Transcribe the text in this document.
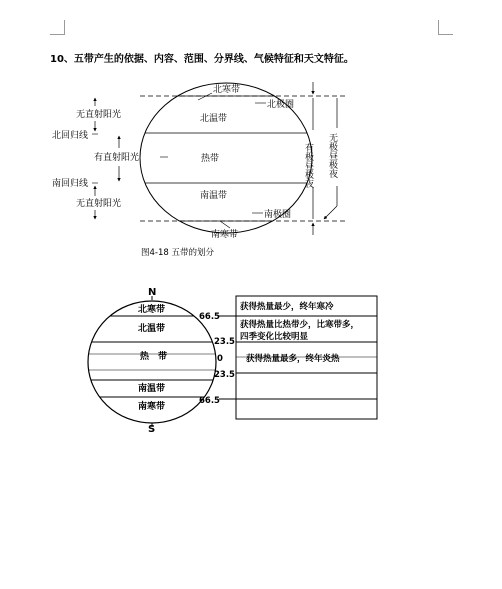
10、五带产生的依据、内容、范围、分界线、气候特征和天文特征。
北寒带
北温带
热带
南温带
南寒带
北极圈
南极圈
北回归线
南回归线
无直射阳光
有直射阳光
无直射阳光
有极昼极夜 无极昼极夜
图4-18 五带的划分
N
S
北寒带
北温带
热　带
南温带
南寒带
66.5
23.5
0
23.5
66.5
获得热量最少，终年寒冷
获得热量比热带少，比寒带多，
四季变化比较明显
获得热量最多，终年炎热
